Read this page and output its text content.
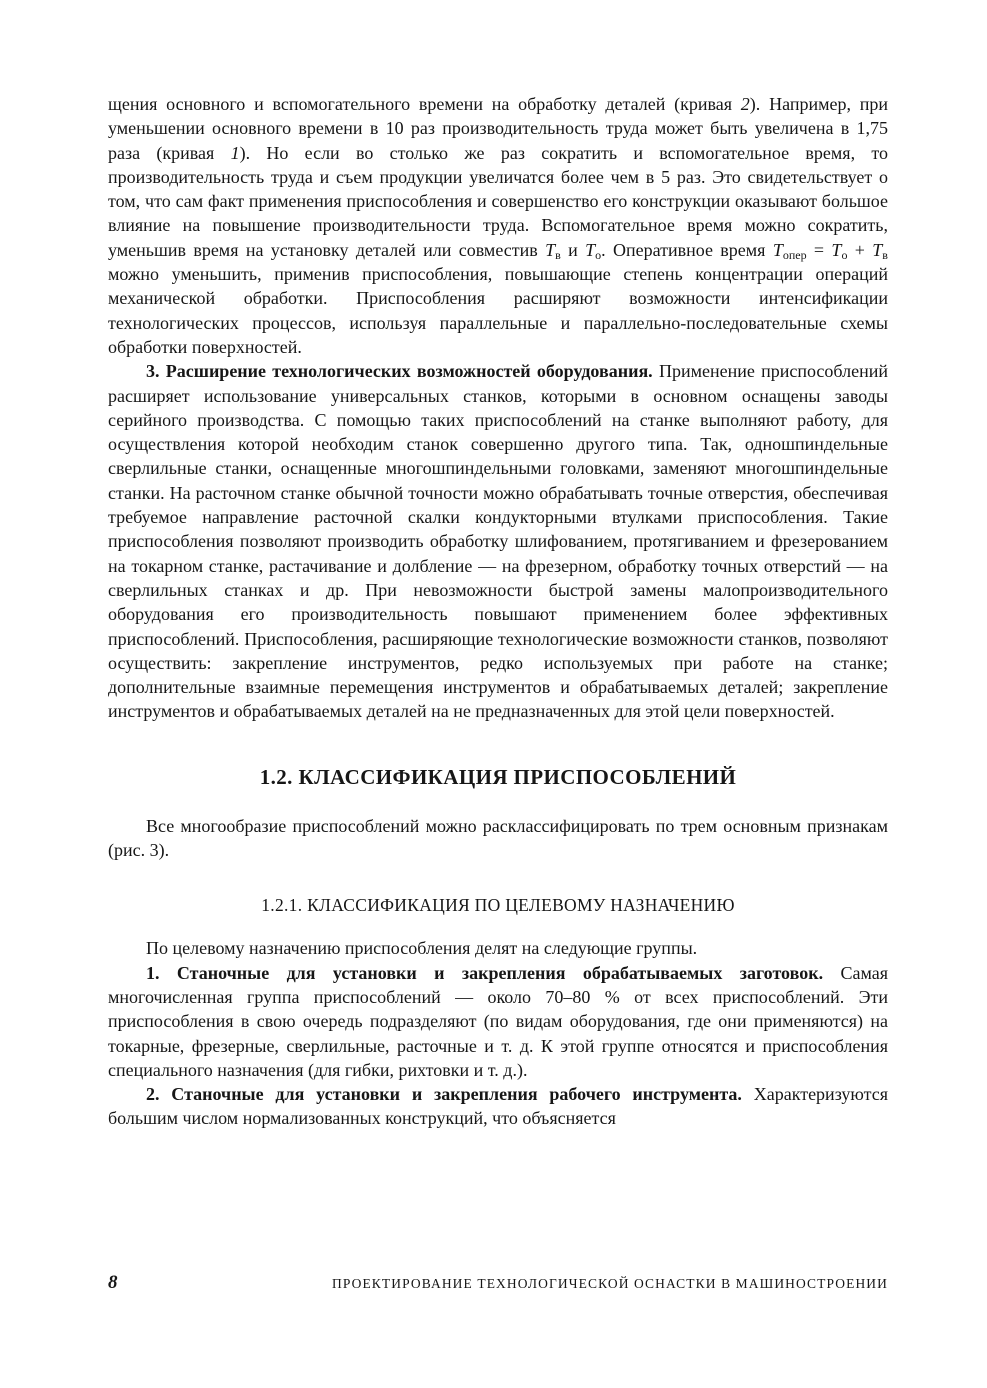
щения основного и вспомогательного времени на обработку деталей (кривая 2). Например, при уменьшении основного времени в 10 раз производительность труда может быть увеличена в 1,75 раза (кривая 1). Но если во столько же раз сократить и вспомогательное время, то производительность труда и съем продукции увеличатся более чем в 5 раз. Это свидетельствует о том, что сам факт применения приспособления и совершенство его конструкции оказывают большое влияние на повышение производительности труда. Вспомогательное время можно сократить, уменьшив время на установку деталей или совместив $Т_в$ и $Т_о$. Оперативное время $Т_{опер} = Т_о + Т_в$ можно уменьшить, применив приспособления, повышающие степень концентрации операций механической обработки. Приспособления расширяют возможности интенсификации технологических процессов, используя параллельные и параллельно-последовательные схемы обработки поверхностей.

3. Расширение технологических возможностей оборудования. Применение приспособлений расширяет использование универсальных станков, которыми в основном оснащены заводы серийного производства. С помощью таких приспособлений на станке выполняют работу, для осуществления которой необходим станок совершенно другого типа. Так, одношпиндельные сверлильные станки, оснащенные многошпиндельными головками, заменяют многошпиндельные станки. На расточном станке обычной точности можно обрабатывать точные отверстия, обеспечивая требуемое направление расточной скалки кондукторными втулками приспособления. Такие приспособления позволяют производить обработку шлифованием, протягиванием и фрезерованием на токарном станке, растачивание и долбление — на фрезерном, обработку точных отверстий — на сверлильных станках и др. При невозможности быстрой замены малопроизводительного оборудования его производительность повышают применением более эффективных приспособлений. Приспособления, расширяющие технологические возможности станков, позволяют осуществить: закрепление инструментов, редко используемых при работе на станке; дополнительные взаимные перемещения инструментов и обрабатываемых деталей; закрепление инструментов и обрабатываемых деталей на не предназначенных для этой цели поверхностей.

1.2. КЛАССИФИКАЦИЯ ПРИСПОСОБЛЕНИЙ

Все многообразие приспособлений можно расклассифицировать по трем основным признакам (рис. 3).

1.2.1. КЛАССИФИКАЦИЯ ПО ЦЕЛЕВОМУ НАЗНАЧЕНИЮ

По целевому назначению приспособления делят на следующие группы.

1. Станочные для установки и закрепления обрабатываемых заготовок. Самая многочисленная группа приспособлений — около 70–80 % от всех приспособлений. Эти приспособления в свою очередь подразделяют (по видам оборудования, где они применяются) на токарные, фрезерные, сверлильные, расточные и т. д. К этой группе относятся и приспособления специального назначения (для гибки, рихтовки и т. д.).

2. Станочные для установки и закрепления рабочего инструмента. Характеризуются большим числом нормализованных конструкций, что объясняется

8	ПРОЕКТИРОВАНИЕ ТЕХНОЛОГИЧЕСКОЙ ОСНАСТКИ В МАШИНОСТРОЕНИИ
